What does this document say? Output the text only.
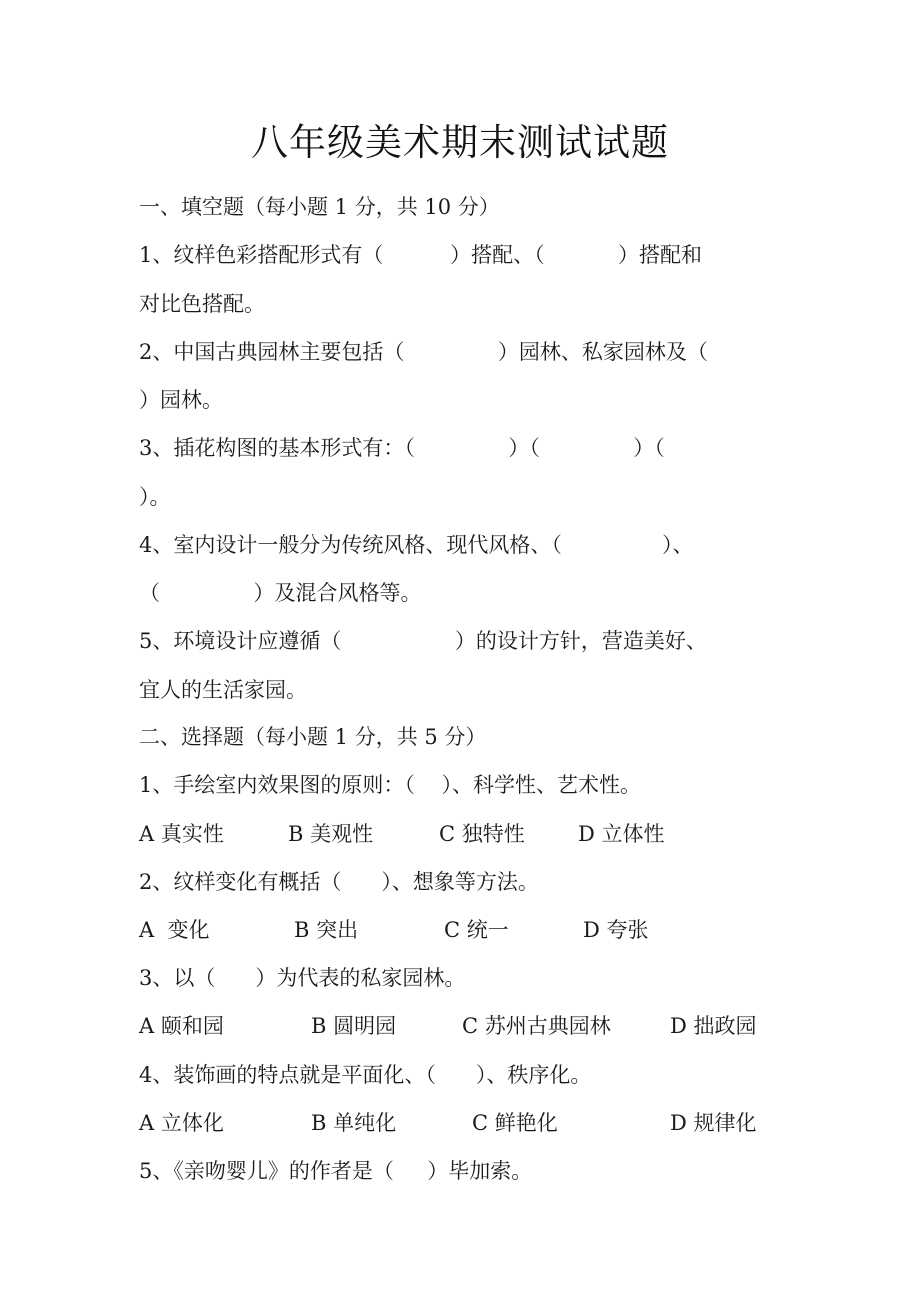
八年级美术期末测试试题
一、填空题（每小题 1 分，共 10 分）
1、纹样色彩搭配形式有（          ）搭配、（           ）搭配和
对比色搭配。
2、中国古典园林主要包括（              ）园林、私家园林及（
）园林。
3、插花构图的基本形式有：（              ）（              ）（
）。
4、室内设计一般分为传统风格、现代风格、（               ）、
（              ）及混合风格等。
5、环境设计应遵循（                 ）的设计方针，营造美好、
宜人的生活家园。
二、选择题（每小题 1 分，共 5 分）
1、手绘室内效果图的原则：（    ）、科学性、艺术性。
A 真实性	B 美观性	C 独特性	D 立体性
2、纹样变化有概括（      ）、想象等方法。
A  变化	B 突出	C 统一	D 夸张
3、以（      ）为代表的私家园林。
A 颐和园	B 圆明园	C 苏州古典园林	D 拙政园
4、装饰画的特点就是平面化、（      ）、秩序化。
A 立体化	B 单纯化	C 鲜艳化	D 规律化
5、《亲吻婴儿》的作者是（     ）毕加索。
